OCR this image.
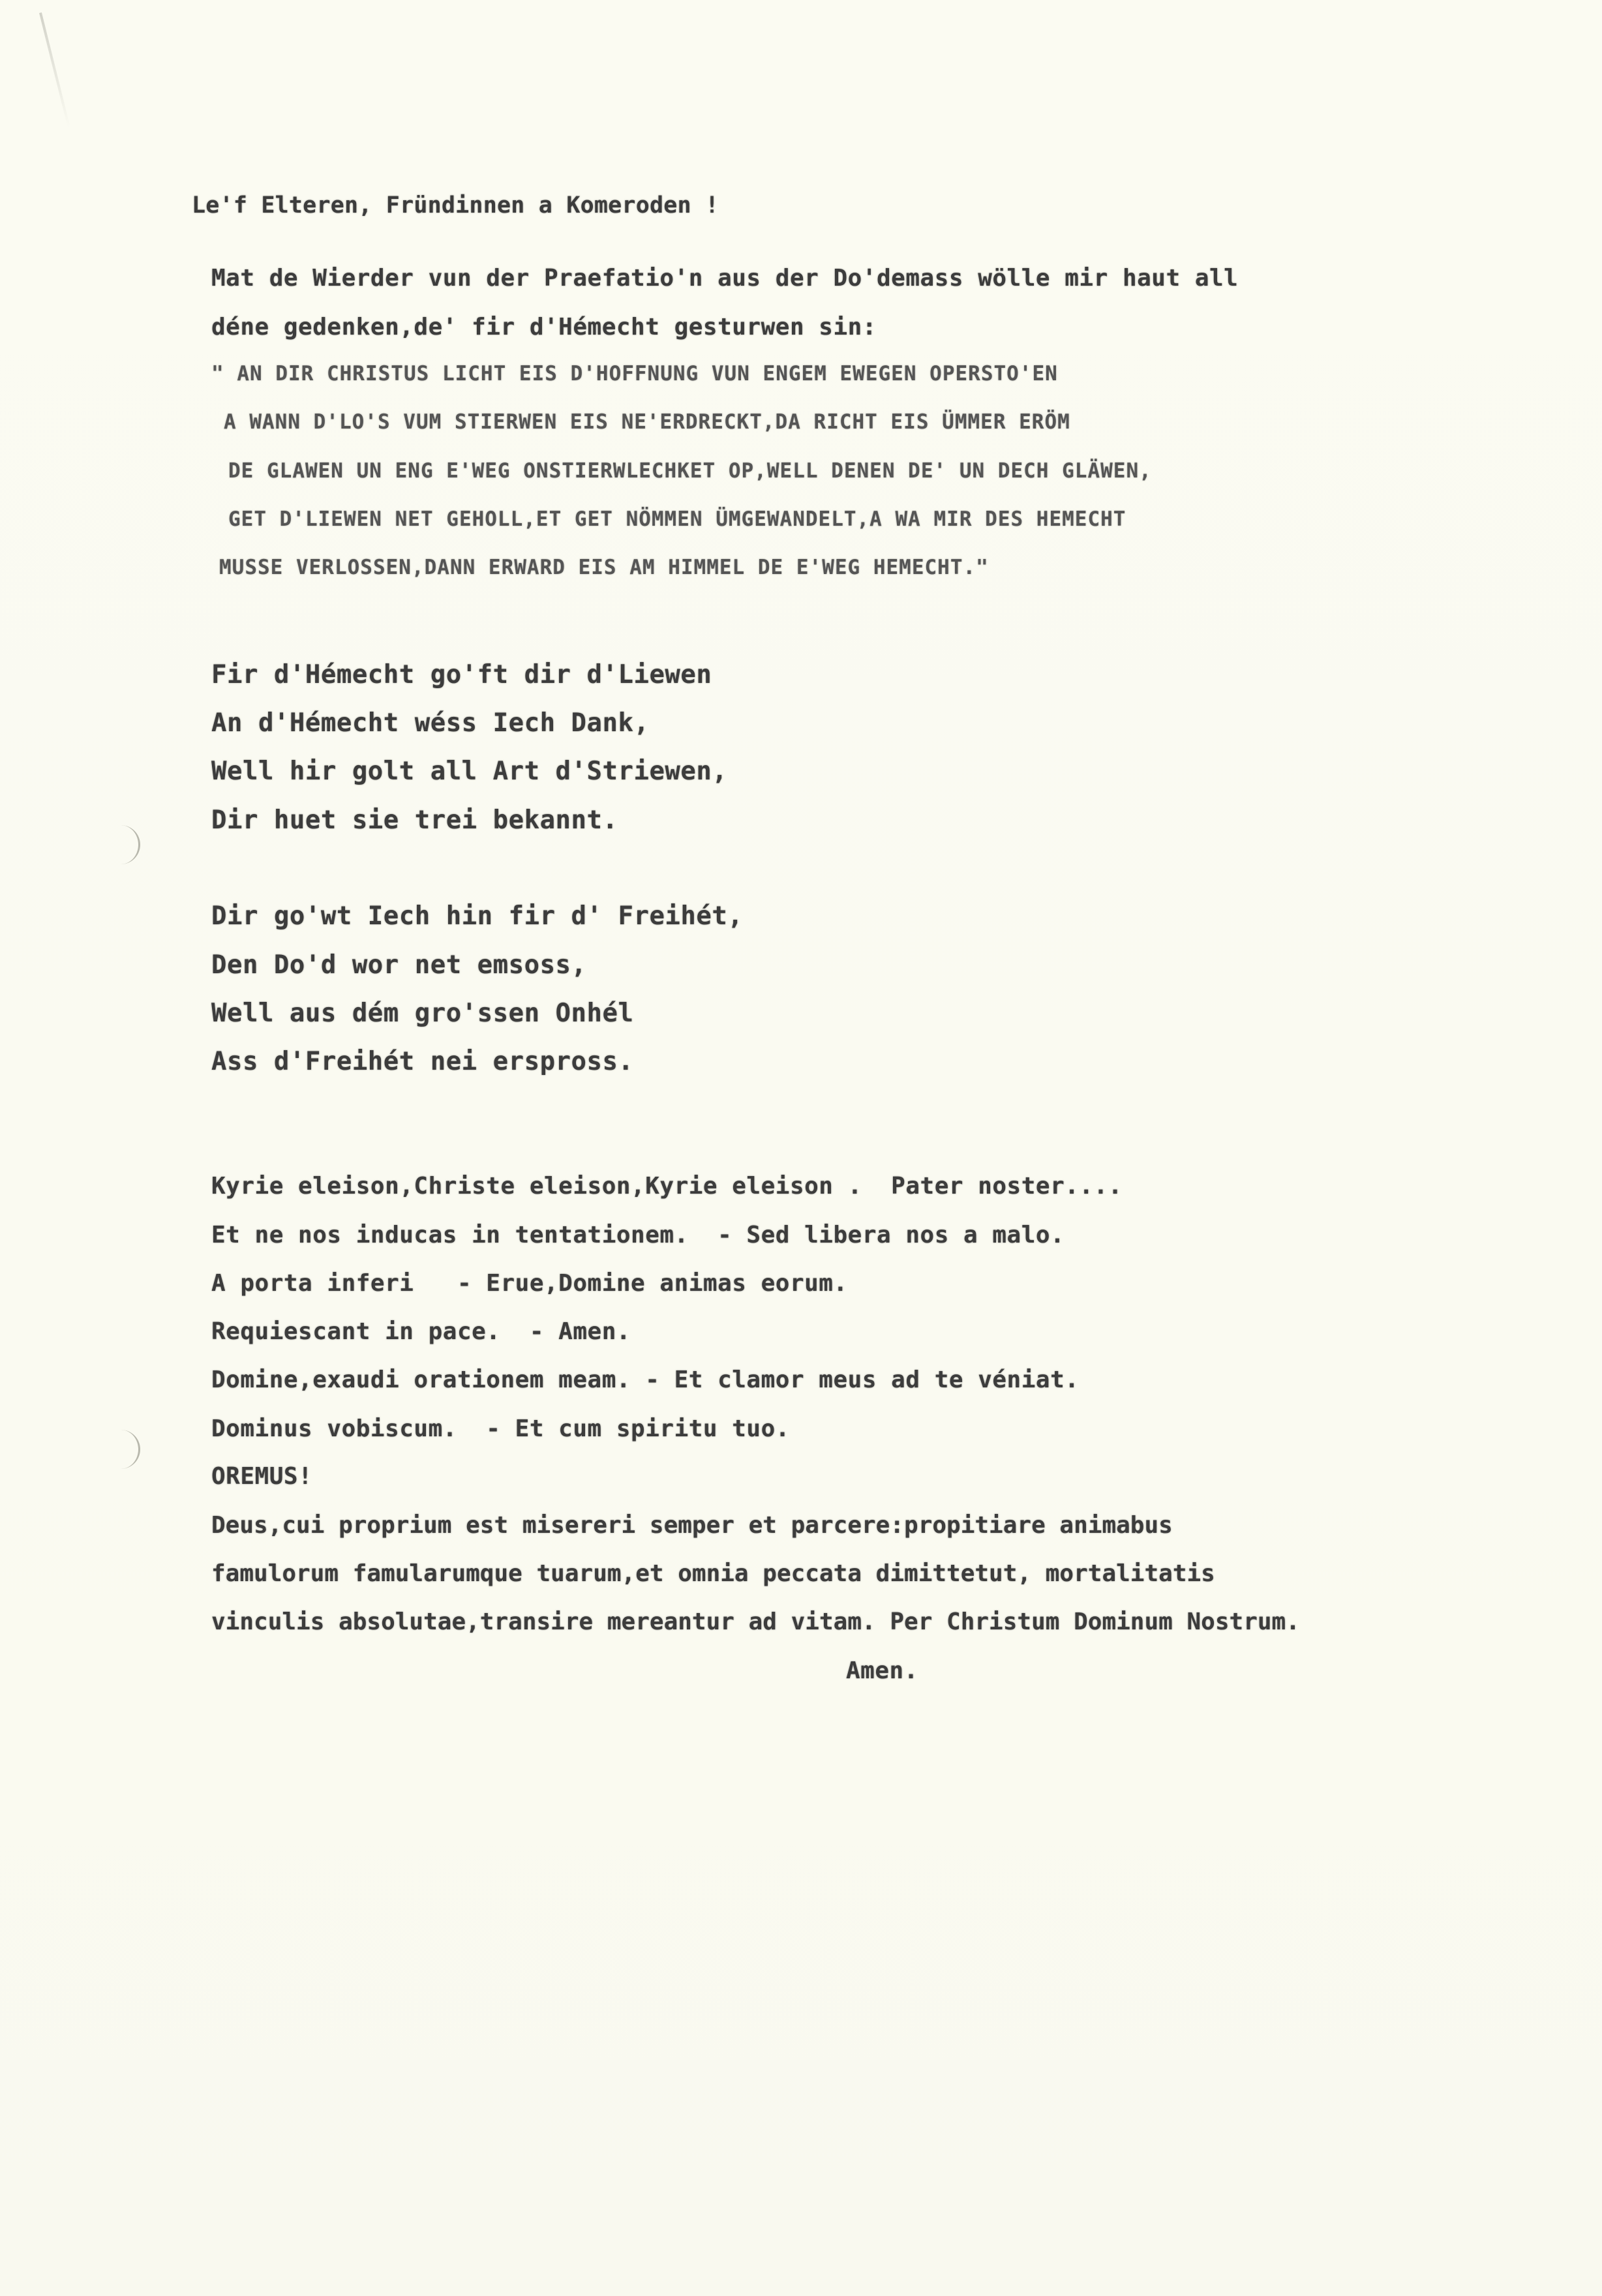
Le'f Elteren, Fründinnen a Komeroden !

Mat de Wierder vun der Praefatio'n aus der Do'demass wölle mir haut all

déne gedenken,de' fir d'Hémecht gesturwen sin:

" AN DIR CHRISTUS LICHT EIS D'HOFFNUNG VUN ENGEM EWEGEN OPERSTO'EN

A WANN D'LO'S VUM STIERWEN EIS NE'ERDRECKT,DA RICHT EIS ÜMMER ERÖM

DE GLAWEN UN ENG E'WEG ONSTIERWLECHKET OP,WELL DENEN DE' UN DECH GLÄWEN,

GET D'LIEWEN NET GEHOLL,ET GET NÖMMEN ÜMGEWANDELT,A WA MIR DES HEMECHT

MUSSE VERLOSSEN,DANN ERWARD EIS AM HIMMEL DE E'WEG HEMECHT."

Fir d'Hémecht go'ft dir d'Liewen

An d'Hémecht wéss Iech Dank,

Well hir golt all Art d'Striewen,

Dir huet sie trei bekannt.

Dir go'wt Iech hin fir d' Freihét,

Den Do'd wor net emsoss,

Well aus dém gro'ssen Onhél

Ass d'Freihét nei erspross.

Kyrie eleison,Christe eleison,Kyrie eleison .  Pater noster....

Et ne nos inducas in tentationem.  - Sed libera nos a malo.

A porta inferi   - Erue,Domine animas eorum.

Requiescant in pace.  - Amen.

Domine,exaudi orationem meam. - Et clamor meus ad te véniat.

Dominus vobiscum.  - Et cum spiritu tuo.

OREMUS!

Deus,cui proprium est misereri semper et parcere:propitiare animabus

famulorum famularumque tuarum,et omnia peccata dimittetut, mortalitatis

vinculis absolutae,transire mereantur ad vitam. Per Christum Dominum Nostrum.

Amen.
